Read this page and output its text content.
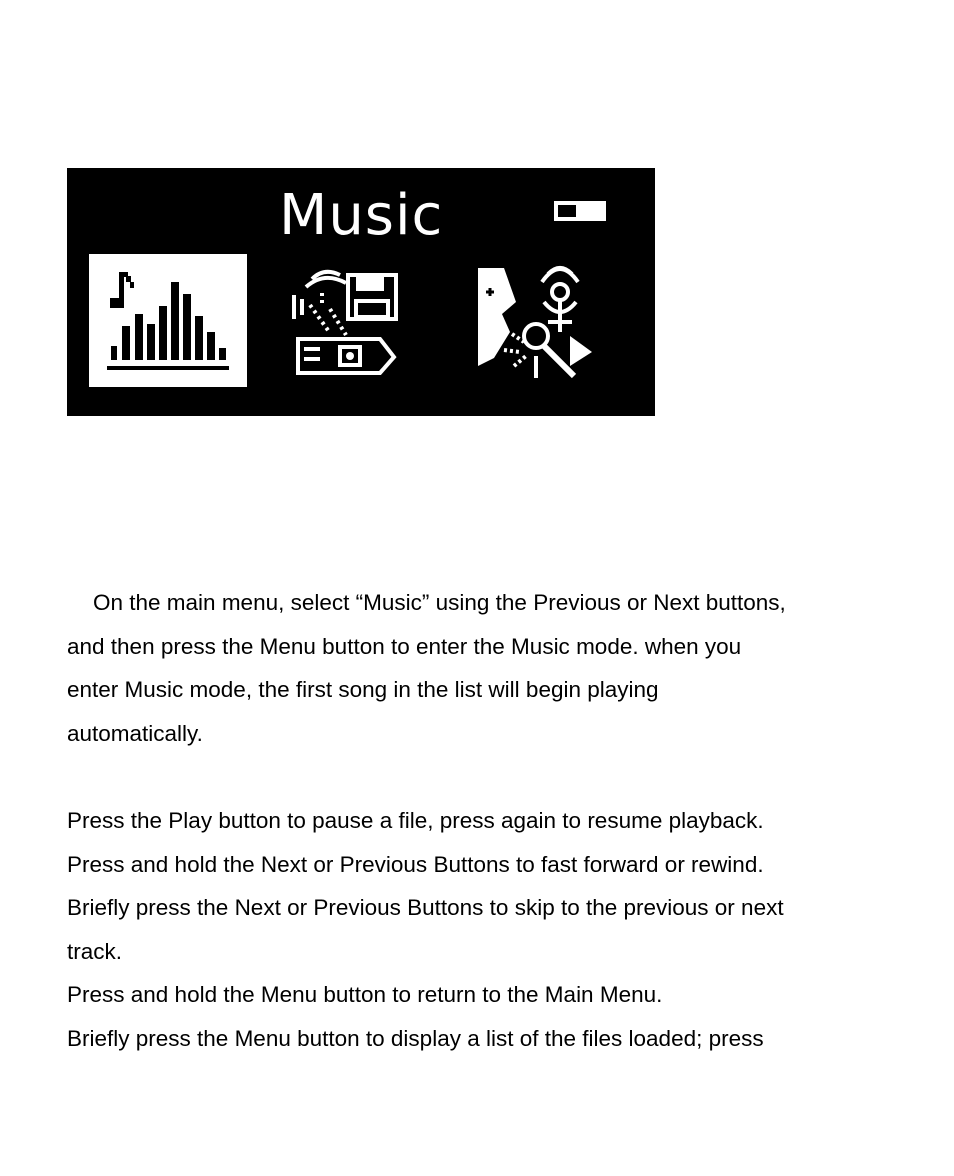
Music

On the main menu, select “Music” using the Previous or Next buttons,
and then press the Menu button to enter the Music mode. when you
enter Music mode, the first song in the list will begin playing
automatically.

Press the Play button to pause a file, press again to resume playback.
Press and hold the Next or Previous Buttons to fast forward or rewind.
Briefly press the Next or Previous Buttons to skip to the previous or next
track.
Press and hold the Menu button to return to the Main Menu.
Briefly press the Menu button to display a list of the files loaded; press
